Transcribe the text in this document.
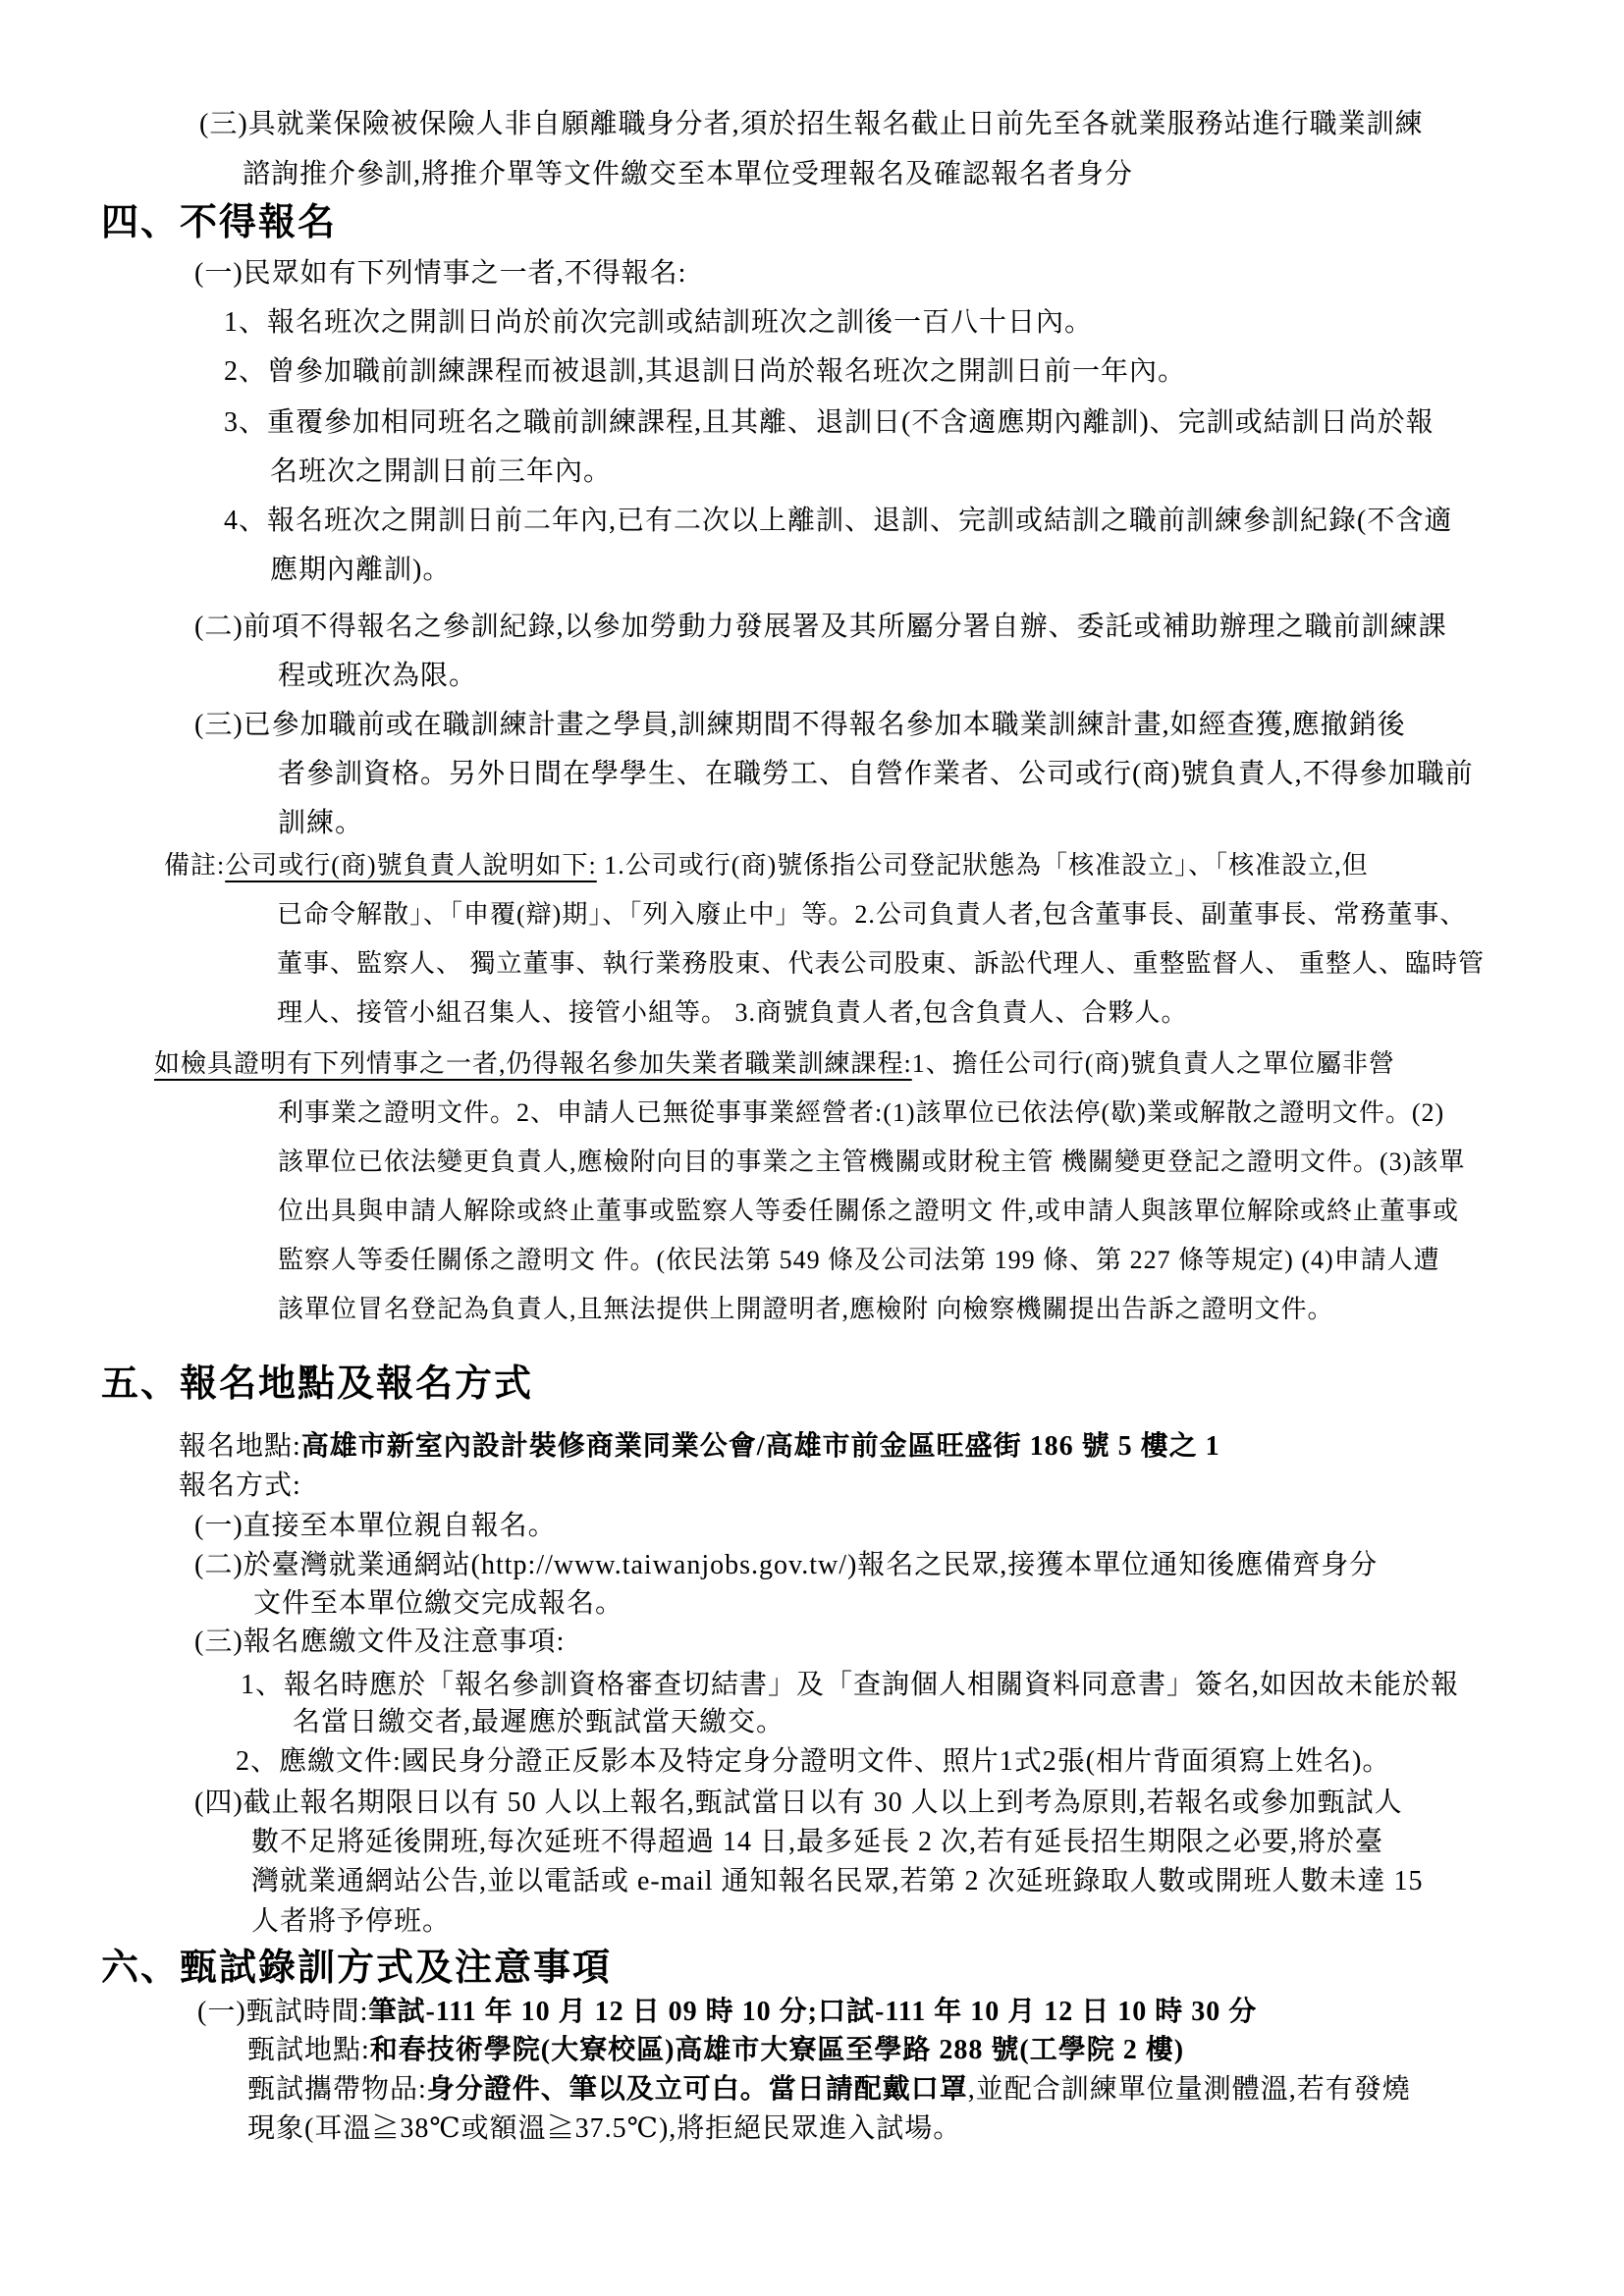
(三)具就業保險被保險人非自願離職身分者,須於招生報名截止日前先至各就業服務站進行職業訓練
諮詢推介參訓,將推介單等文件繳交至本單位受理報名及確認報名者身分
四、不得報名
(一)民眾如有下列情事之一者,不得報名:
1、報名班次之開訓日尚於前次完訓或結訓班次之訓後一百八十日內。
2、曾參加職前訓練課程而被退訓,其退訓日尚於報名班次之開訓日前一年內。
3、重覆參加相同班名之職前訓練課程,且其離、退訓日(不含適應期內離訓)、完訓或結訓日尚於報
名班次之開訓日前三年內。
4、報名班次之開訓日前二年內,已有二次以上離訓、退訓、完訓或結訓之職前訓練參訓紀錄(不含適
應期內離訓)。
(二)前項不得報名之參訓紀錄,以參加勞動力發展署及其所屬分署自辦、委託或補助辦理之職前訓練課
程或班次為限。
(三)已參加職前或在職訓練計畫之學員,訓練期間不得報名參加本職業訓練計畫,如經查獲,應撤銷後
者參訓資格。另外日間在學學生、在職勞工、自營作業者、公司或行(商)號負責人,不得參加職前
訓練。
備註:公司或行(商)號負責人說明如下: 1.公司或行(商)號係指公司登記狀態為「核准設立」、「核准設立,但
已命令解散」、「申覆(辯)期」、「列入廢止中」等。2.公司負責人者,包含董事長、副董事長、常務董事、
董事、監察人、 獨立董事、執行業務股東、代表公司股東、訴訟代理人、重整監督人、 重整人、臨時管
理人、接管小組召集人、接管小組等。 3.商號負責人者,包含負責人、合夥人。
如檢具證明有下列情事之一者,仍得報名參加失業者職業訓練課程:1、擔任公司行(商)號負責人之單位屬非營
利事業之證明文件。2、申請人已無從事事業經營者:(1)該單位已依法停(歇)業或解散之證明文件。(2)
該單位已依法變更負責人,應檢附向目的事業之主管機關或財稅主管 機關變更登記之證明文件。(3)該單
位出具與申請人解除或終止董事或監察人等委任關係之證明文 件,或申請人與該單位解除或終止董事或
監察人等委任關係之證明文 件。(依民法第 549 條及公司法第 199 條、第 227 條等規定) (4)申請人遭
該單位冒名登記為負責人,且無法提供上開證明者,應檢附 向檢察機關提出告訴之證明文件。
五、報名地點及報名方式
報名地點:高雄市新室內設計裝修商業同業公會/高雄市前金區旺盛街 186 號 5 樓之 1
報名方式:
(一)直接至本單位親自報名。
(二)於臺灣就業通網站(http://www.taiwanjobs.gov.tw/)報名之民眾,接獲本單位通知後應備齊身分
文件至本單位繳交完成報名。
(三)報名應繳文件及注意事項:
1、報名時應於「報名參訓資格審查切結書」及「查詢個人相關資料同意書」簽名,如因故未能於報
名當日繳交者,最遲應於甄試當天繳交。
2、應繳文件:國民身分證正反影本及特定身分證明文件、照片1式2張(相片背面須寫上姓名)。
(四)截止報名期限日以有 50 人以上報名,甄試當日以有 30 人以上到考為原則,若報名或參加甄試人
數不足將延後開班,每次延班不得超過 14 日,最多延長 2 次,若有延長招生期限之必要,將於臺
灣就業通網站公告,並以電話或 e-mail 通知報名民眾,若第 2 次延班錄取人數或開班人數未達 15
人者將予停班。
六、甄試錄訓方式及注意事項
(一)甄試時間:筆試-111 年 10 月 12 日 09 時 10 分;口試-111 年 10 月 12 日 10 時 30 分
甄試地點:和春技術學院(大寮校區)高雄市大寮區至學路 288 號(工學院 2 樓)
甄試攜帶物品:身分證件、筆以及立可白。當日請配戴口罩,並配合訓練單位量測體溫,若有發燒
現象(耳溫≧38℃或額溫≧37.5℃),將拒絕民眾進入試場。
